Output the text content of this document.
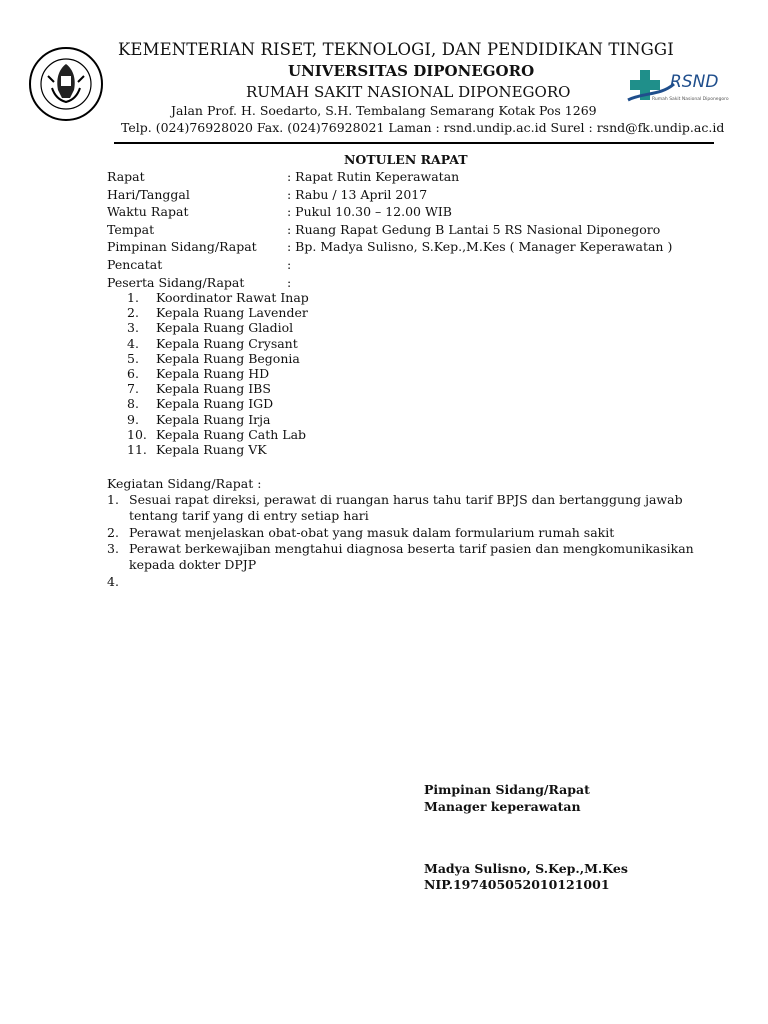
KEMENTERIAN RISET, TEKNOLOGI, DAN PENDIDIKAN TINGGI
UNIVERSITAS DIPONEGORO
RUMAH SAKIT NASIONAL DIPONEGORO
Jalan Prof. H. Soedarto, S.H. Tembalang Semarang Kotak Pos 1269
Telp. (024)76928020 Fax. (024)76928021 Laman : rsnd.undip.ac.id Surel : rsnd@fk.undip.ac.id
RSND
Rumah Sakit Nasional Diponegoro
NOTULEN RAPAT
Rapat	: Rapat Rutin Keperawatan
Hari/Tanggal	: Rabu / 13 April 2017
Waktu Rapat	: Pukul 10.30 – 12.00 WIB
Tempat	: Ruang Rapat Gedung B Lantai 5 RS Nasional Diponegoro
Pimpinan Sidang/Rapat : Bp. Madya Sulisno, S.Kep.,M.Kes ( Manager Keperawatan )
Pencatat	:
Peserta Sidang/Rapat	:
1.	Koordinator Rawat Inap
2.	Kepala Ruang Lavender
3.	Kepala Ruang Gladiol
4.	Kepala Ruang Crysant
5.	Kepala Ruang Begonia
6.	Kepala Ruang HD
7.	Kepala Ruang IBS
8.	Kepala Ruang IGD
9.	Kepala Ruang Irja
10. Kepala Ruang Cath Lab
11. Kepala Ruang VK
Kegiatan Sidang/Rapat :
1. Sesuai rapat direksi, perawat di ruangan harus tahu tarif BPJS dan bertanggung jawab tentang tarif yang di entry setiap hari
2. Perawat menjelaskan obat-obat yang masuk dalam formularium rumah sakit
3. Perawat berkewajiban mengtahui diagnosa beserta tarif pasien dan mengkomunikasikan kepada dokter DPJP
4.
Pimpinan Sidang/Rapat
Manager keperawatan
Madya Sulisno, S.Kep.,M.Kes
NIP.197405052010121001
